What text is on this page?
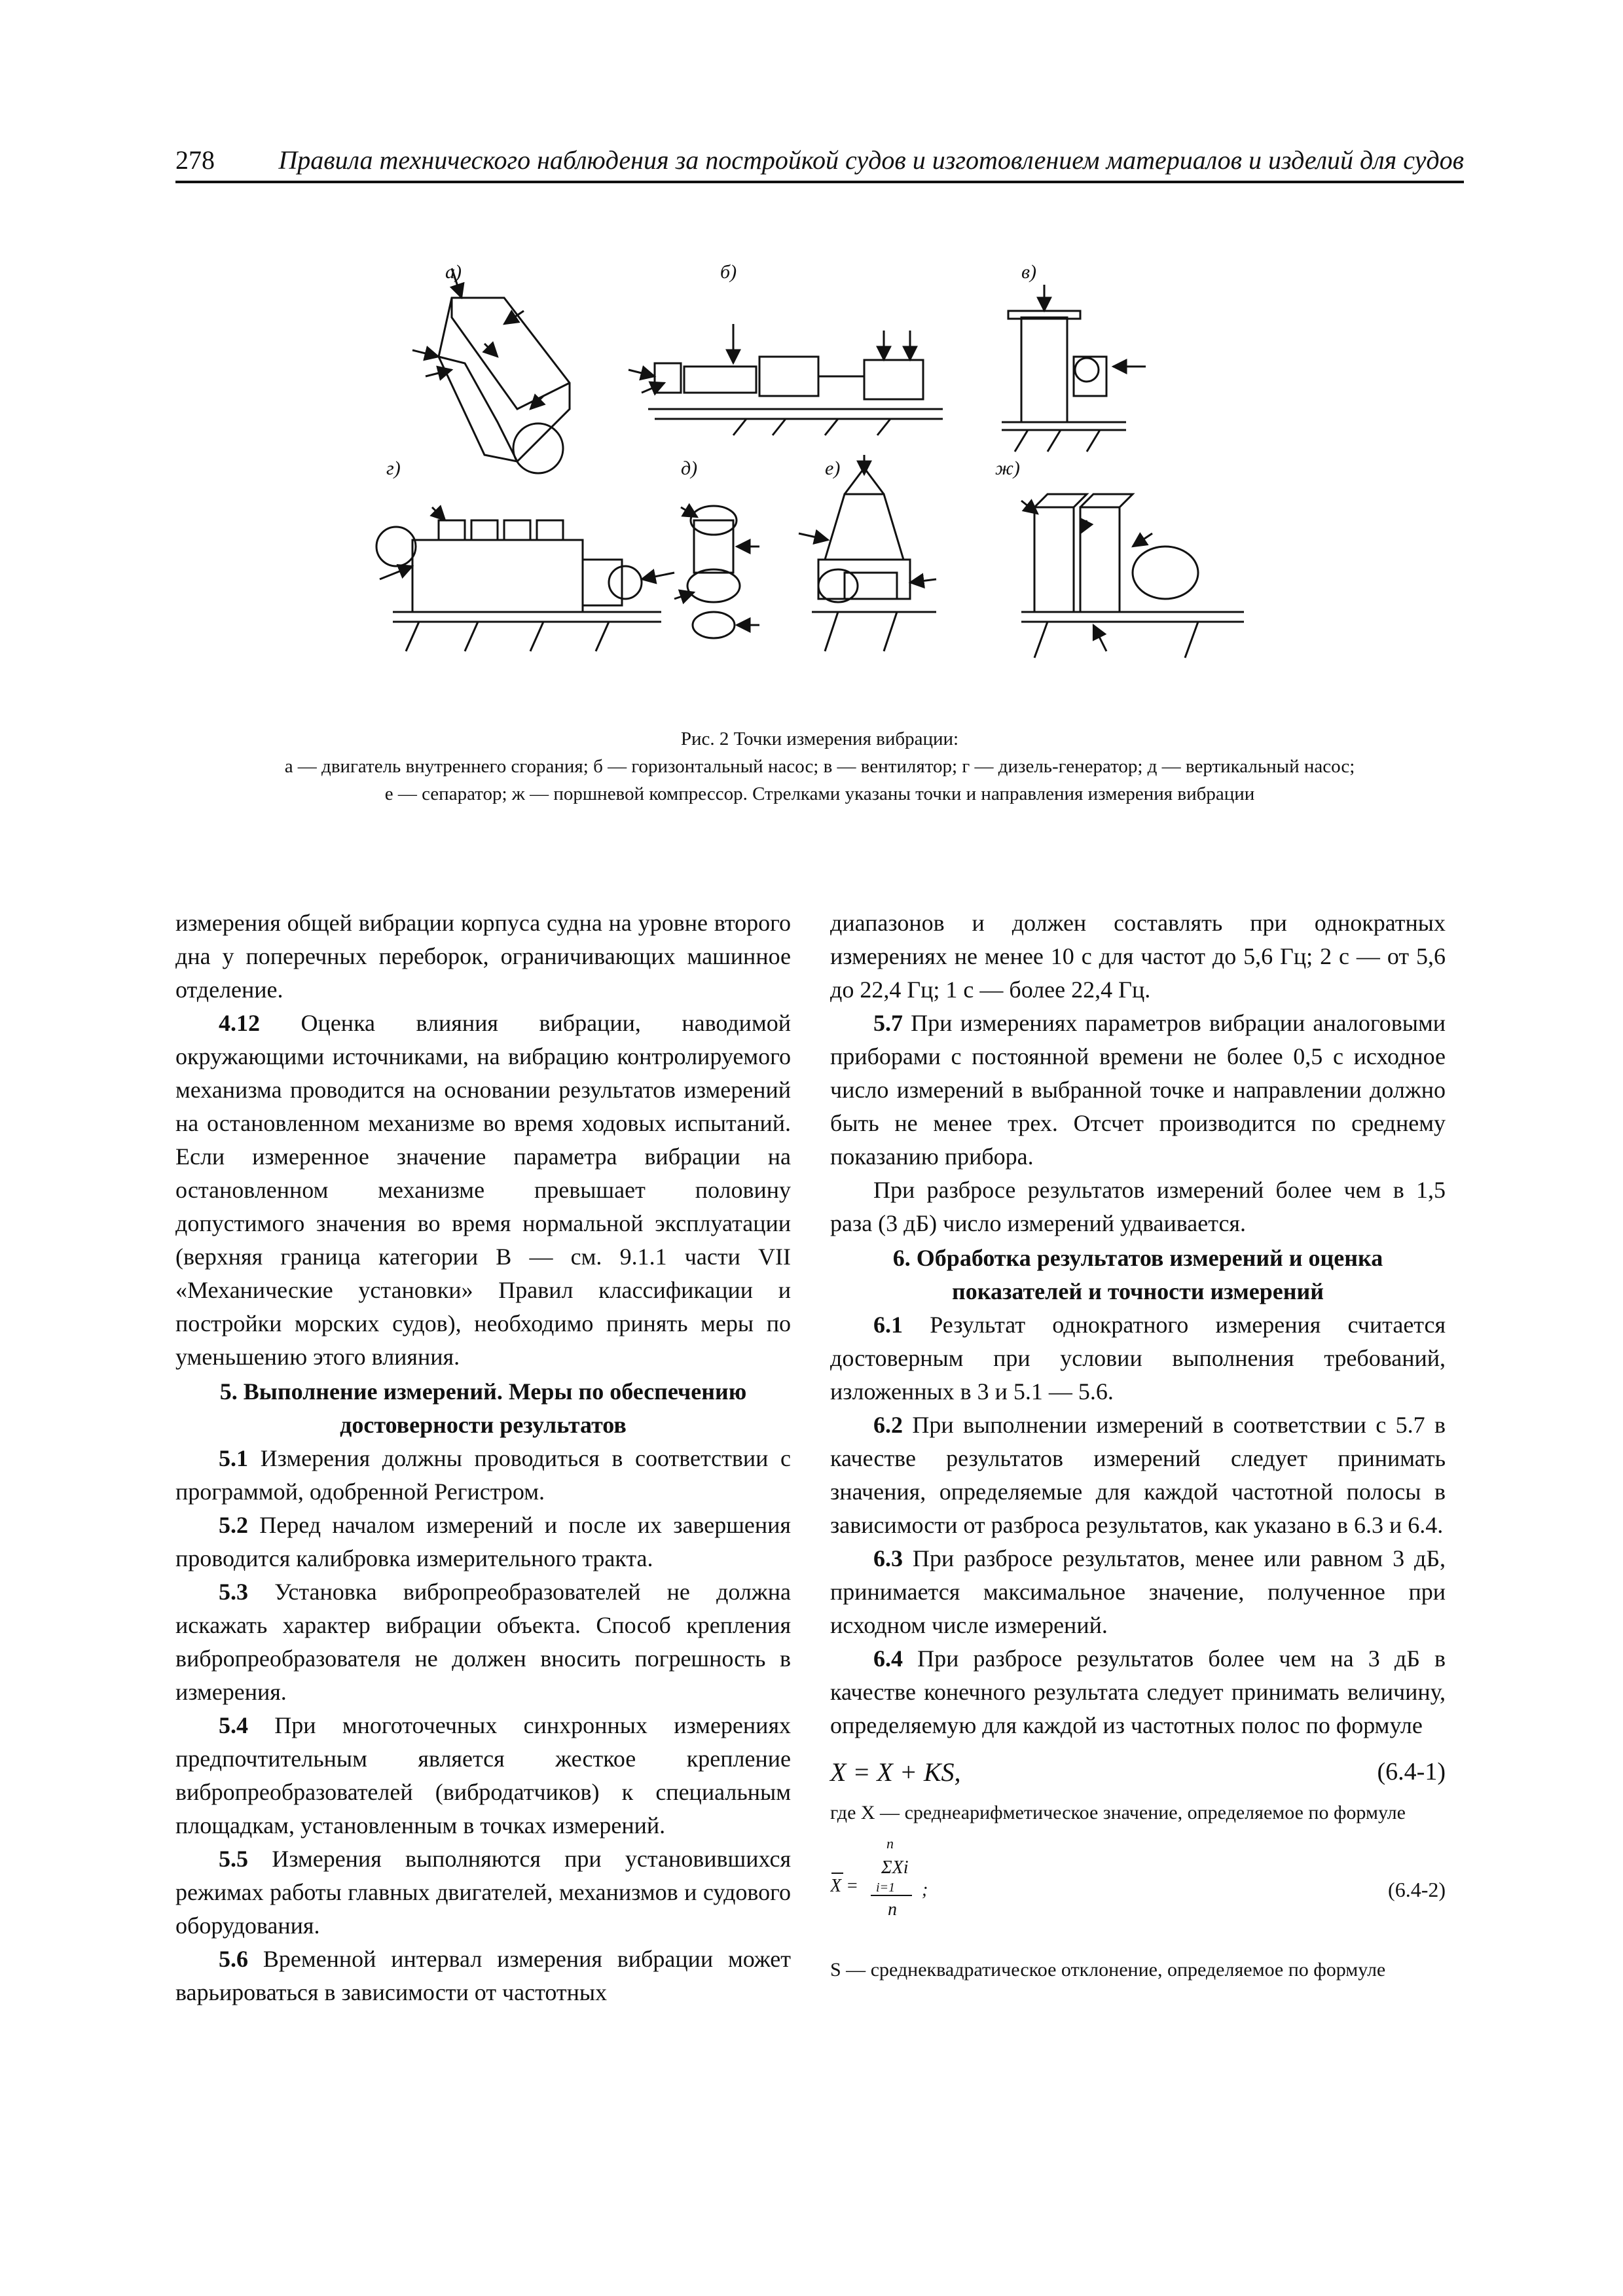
278 Правила технического наблюдения за постройкой судов и изготовлением материалов и изделий для судов
а)	б)	в)
г)	д)	е)	ж)
Рис. 2 Точки измерения вибрации:
а — двигатель внутреннего сгорания; б — горизонтальный насос; в — вентилятор; г — дизель-генератор; д — вертикальный насос;
е — сепаратор; ж — поршневой компрессор. Стрелками указаны точки и направления измерения вибрации

измерения общей вибрации корпуса судна на уровне второго дна у поперечных переборок, ограничивающих машинное отделение.

4.12 Оценка влияния вибрации, наводимой окружающими источниками, на вибрацию контролируемого механизма проводится на основании результатов измерений на остановленном механизме во время ходовых испытаний. Если измеренное значение параметра вибрации на остановленном механизме превышает половину допустимого значения во время нормальной эксплуатации (верхняя граница категории В — см. 9.1.1 части VII «Механические установки» Правил классификации и постройки морских судов), необходимо принять меры по уменьшению этого влияния.

5. Выполнение измерений. Меры по обеспечению достоверности результатов

5.1 Измерения должны проводиться в соответствии с программой, одобренной Регистром.

5.2 Перед началом измерений и после их завершения проводится калибровка измерительного тракта.

5.3 Установка вибропреобразователей не должна искажать характер вибрации объекта. Способ крепления вибропреобразователя не должен вносить погрешность в измерения.

5.4 При многоточечных синхронных измерениях предпочтительным является жесткое крепление вибропреобразователей (вибродатчиков) к специальным площадкам, установленным в точках измерений.

5.5 Измерения выполняются при установившихся режимах работы главных двигателей, механизмов и судового оборудования.

5.6 Временной интервал измерения вибрации может варьироваться в зависимости от частотных

диапазонов и должен составлять при однократных измерениях не менее 10 с для частот до 5,6 Гц; 2 с — от 5,6 до 22,4 Гц; 1 с — более 22,4 Гц.

5.7 При измерениях параметров вибрации аналоговыми приборами с постоянной времени не более 0,5 с исходное число измерений в выбранной точке и направлении должно быть не менее трех. Отсчет производится по среднему показанию прибора.

При разбросе результатов измерений более чем в 1,5 раза (3 дБ) число измерений удваивается.

6. Обработка результатов измерений и оценка показателей и точности измерений

6.1 Результат однократного измерения считается достоверным при условии выполнения требований, изложенных в 3 и 5.1 — 5.6.

6.2 При выполнении измерений в соответствии с 5.7 в качестве результатов измерений следует принимать значения, определяемые для каждой частотной полосы в зависимости от разброса результатов, как указано в 6.3 и 6.4.

6.3 При разбросе результатов, менее или равном 3 дБ, принимается максимальное значение, полученное при исходном числе измерений.

6.4 При разбросе результатов более чем на 3 дБ в качестве конечного результата следует принимать величину, определяемую для каждой из частотных полос по формуле

X = X + KS,	(6.4-1)

где X — среднеарифметическое значение, определяемое по формуле

n
ΣXi
i=1
X =
n
;	(6.4-2)

S — среднеквадратическое отклонение, определяемое по формуле
